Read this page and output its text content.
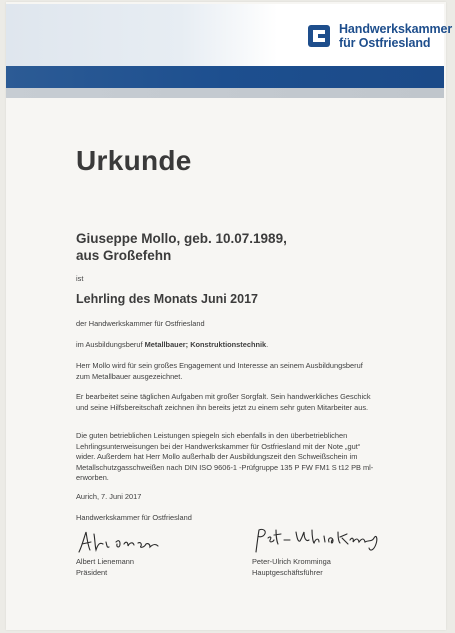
Handwerkskammer
für Ostfriesland
Urkunde
Giuseppe Mollo, geb. 10.07.1989,
aus Großefehn
ist
Lehrling des Monats Juni 2017
der Handwerkskammer für Ostfriesland
im Ausbildungsberuf Metallbauer; Konstruktionstechnik.

Herr Mollo wird für sein großes Engagement und Interesse an seinem Ausbildungsberuf zum Metallbauer ausgezeichnet.

Er bearbeitet seine täglichen Aufgaben mit großer Sorgfalt. Sein handwerkliches Geschick und seine Hilfsbereitschaft zeichnen ihn bereits jetzt zu einem sehr guten Mitarbeiter aus.

Die guten betrieblichen Leistungen spiegeln sich ebenfalls in den überbetrieblichen Lehrlingsunterweisungen bei der Handwerkskammer für Ostfriesland mit der Note „gut“ wider. Außerdem hat Herr Mollo außerhalb der Ausbildungszeit den Schweißschein im Metallschutzgasschweißen nach DIN ISO 9606-1 -Prüfgruppe 135 P FW FM1 S t12 PB ml-erworben.

Aurich, 7. Juni 2017
Handwerkskammer für Ostfriesland
Albert Lienemann
Präsident
Peter-Ulrich Kromminga
Hauptgeschäftsführer
